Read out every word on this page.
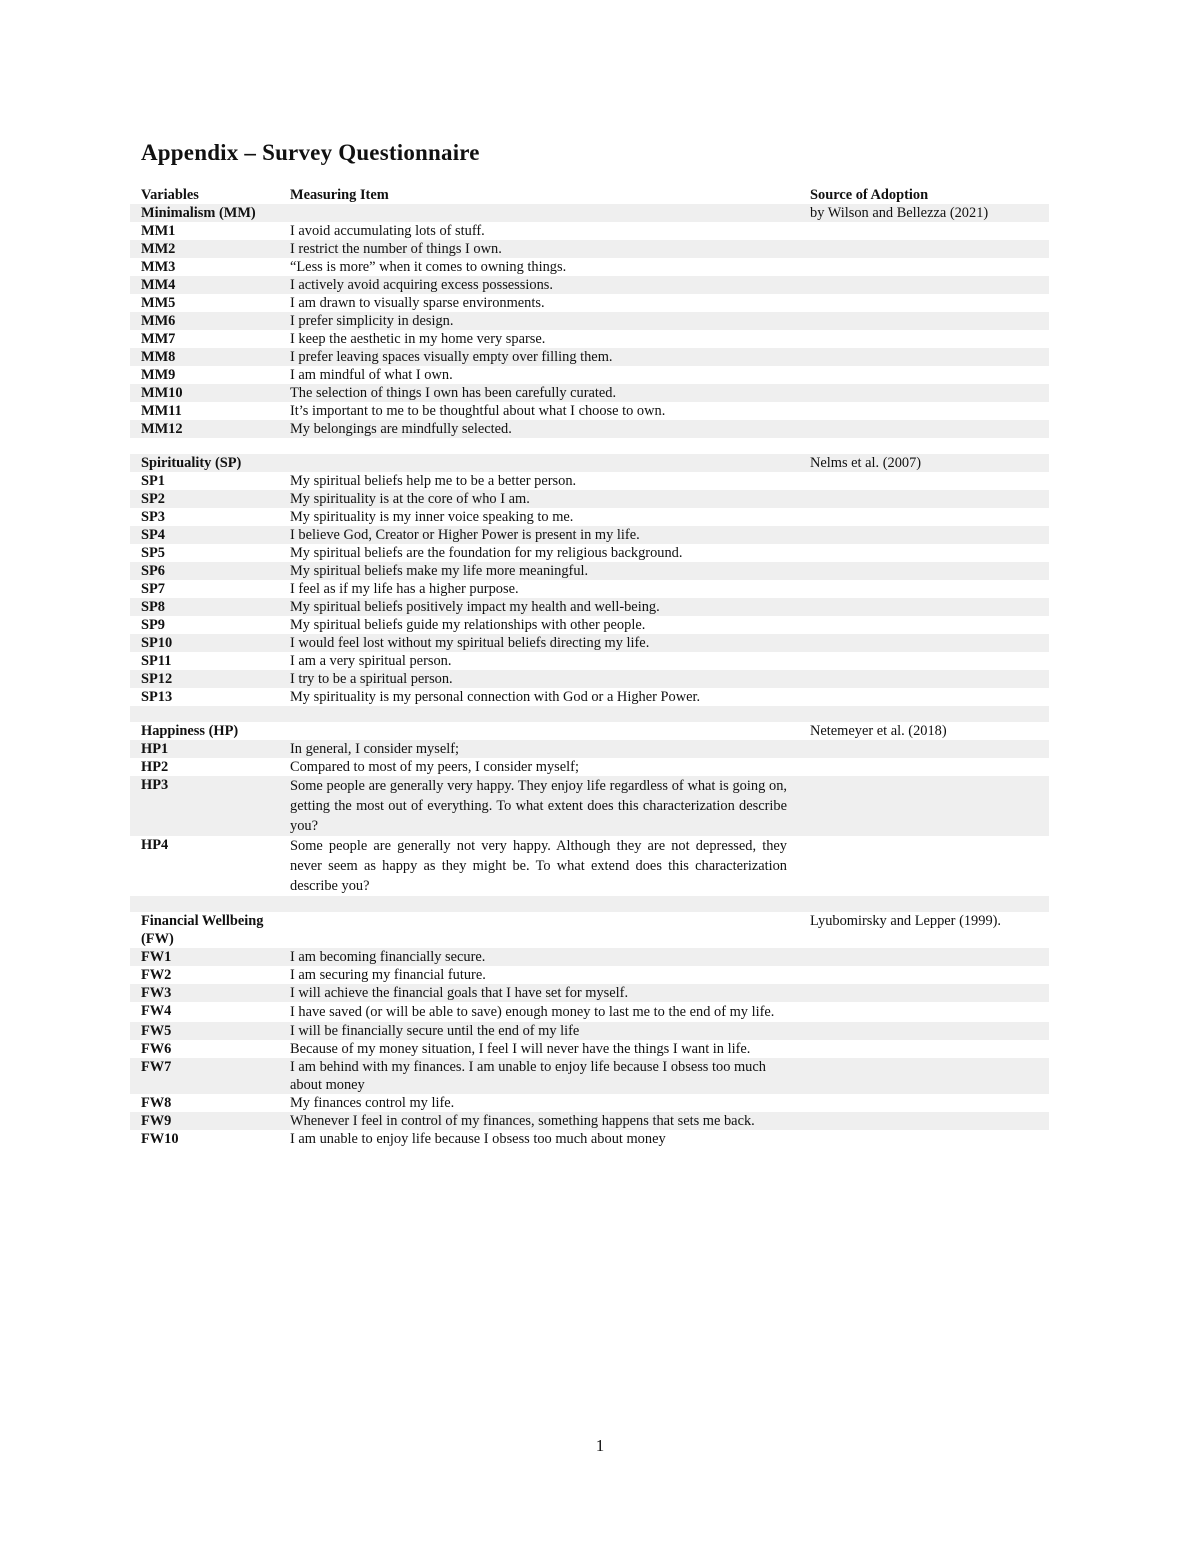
Appendix – Survey Questionnaire
Variables	Measuring Item	Source of Adoption
Minimalism (MM)		by Wilson and Bellezza (2021)
MM1	I avoid accumulating lots of stuff.	
MM2	I restrict the number of things I own.	
MM3	“Less is more” when it comes to owning things.	
MM4	I actively avoid acquiring excess possessions.	
MM5	I am drawn to visually sparse environments.	
MM6	I prefer simplicity in design.	
MM7	I keep the aesthetic in my home very sparse.	
MM8	I prefer leaving spaces visually empty over filling them.	
MM9	I am mindful of what I own.	
MM10	The selection of things I own has been carefully curated.	
MM11	It’s important to me to be thoughtful about what I choose to own.	
MM12	My belongings are mindfully selected.	

Spirituality (SP)		Nelms et al. (2007)
SP1	My spiritual beliefs help me to be a better person.	
SP2	My spirituality is at the core of who I am.	
SP3	My spirituality is my inner voice speaking to me.	
SP4	I believe God, Creator or Higher Power is present in my life.	
SP5	My spiritual beliefs are the foundation for my religious background.	
SP6	My spiritual beliefs make my life more meaningful.	
SP7	I feel as if my life has a higher purpose.	
SP8	My spiritual beliefs positively impact my health and well-being.	
SP9	My spiritual beliefs guide my relationships with other people.	
SP10	I would feel lost without my spiritual beliefs directing my life.	
SP11	I am a very spiritual person.	
SP12	I try to be a spiritual person.	
SP13	My spirituality is my personal connection with God or a Higher Power.	

Happiness (HP)		Netemeyer et al. (2018)
HP1	In general, I consider myself;	
HP2	Compared to most of my peers, I consider myself;	
HP3	Some people are generally very happy. They enjoy life regardless of what is going on, getting the most out of everything. To what extent does this characterization describe you?	
HP4	Some people are generally not very happy. Although they are not depressed, they never seem as happy as they might be. To what extend does this characterization describe you?	

Financial Wellbeing (FW)		Lyubomirsky and Lepper (1999).
FW1	I am becoming financially secure.	
FW2	I am securing my financial future.	
FW3	I will achieve the financial goals that I have set for myself.	
FW4	I have saved (or will be able to save) enough money to last me to the end of my life.	
FW5	I will be financially secure until the end of my life	
FW6	Because of my money situation, I feel I will never have the things I want in life.	
FW7	I am behind with my finances. I am unable to enjoy life because I obsess too much about money	
FW8	My finances control my life.	
FW9	Whenever I feel in control of my finances, something happens that sets me back.	
FW10	I am unable to enjoy life because I obsess too much about money	
1
